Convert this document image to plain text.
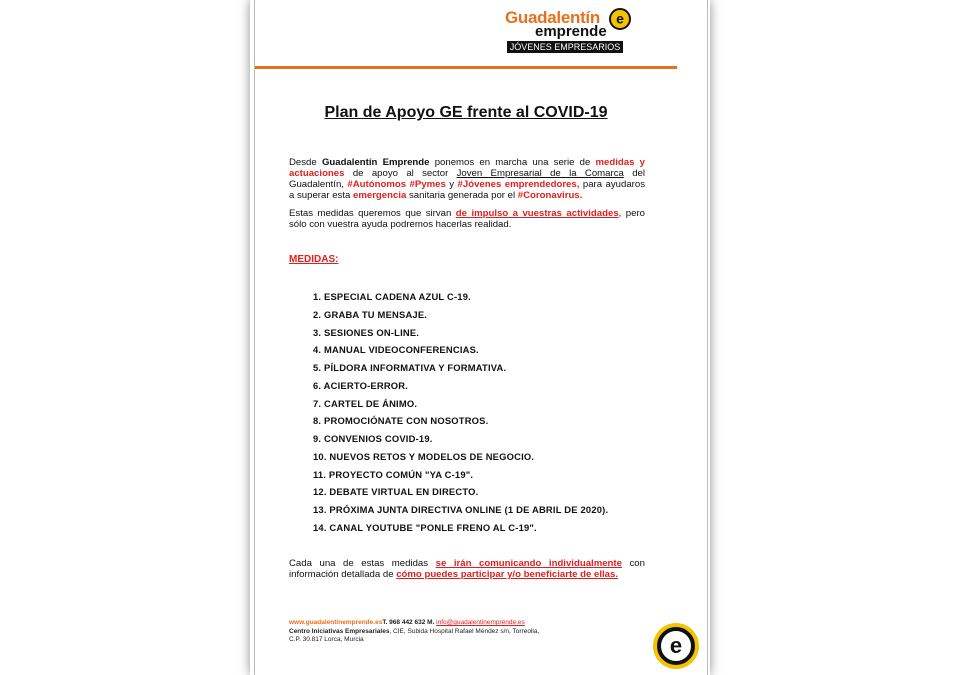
Guadalentín
emprende
e
JÓVENES EMPRESARIOS
Plan de Apoyo GE frente al COVID-19
Desde Guadalentín Emprende ponemos en marcha una serie de medidas y actuaciones de apoyo al sector Joven Empresarial de la Comarca del Guadalentín, #Autónomos #Pymes y #Jóvenes emprendedores, para ayudaros a superar esta emergencia sanitaria generada por el #Coronavirus.
Estas medidas queremos que sirvan de impulso a vuestras actividades, pero sólo con vuestra ayuda podremos hacerlas realidad.
MEDIDAS:
1. ESPECIAL CADENA AZUL C-19.
2. GRABA TU MENSAJE.
3. SESIONES ON-LINE.
4. MANUAL VIDEOCONFERENCIAS.
5. PÍLDORA INFORMATIVA Y FORMATIVA.
6. ACIERTO-ERROR.
7. CARTEL DE ÁNIMO.
8. PROMOCIÓNATE CON NOSOTROS.
9. CONVENIOS COVID-19.
10. NUEVOS RETOS Y MODELOS DE NEGOCIO.
11. PROYECTO COMÚN "YA C-19".
12. DEBATE VIRTUAL EN DIRECTO.
13. PRÓXIMA JUNTA DIRECTIVA ONLINE (1 DE ABRIL DE 2020).
14. CANAL YOUTUBE "PONLE FRENO AL C-19".
Cada una de estas medidas se irán comunicando individualmente con información detallada de cómo puedes participar y/o beneficiarte de ellas.
www.guadalentinemprende.esT. 968 442 632 M. info@guadalentinemprende.es
Centro Iniciativas Empresariales, CIE, Subida Hospital Rafael Méndez s/n, Torreolla,
C.P. 30.817 Lorca, Murcia	e
